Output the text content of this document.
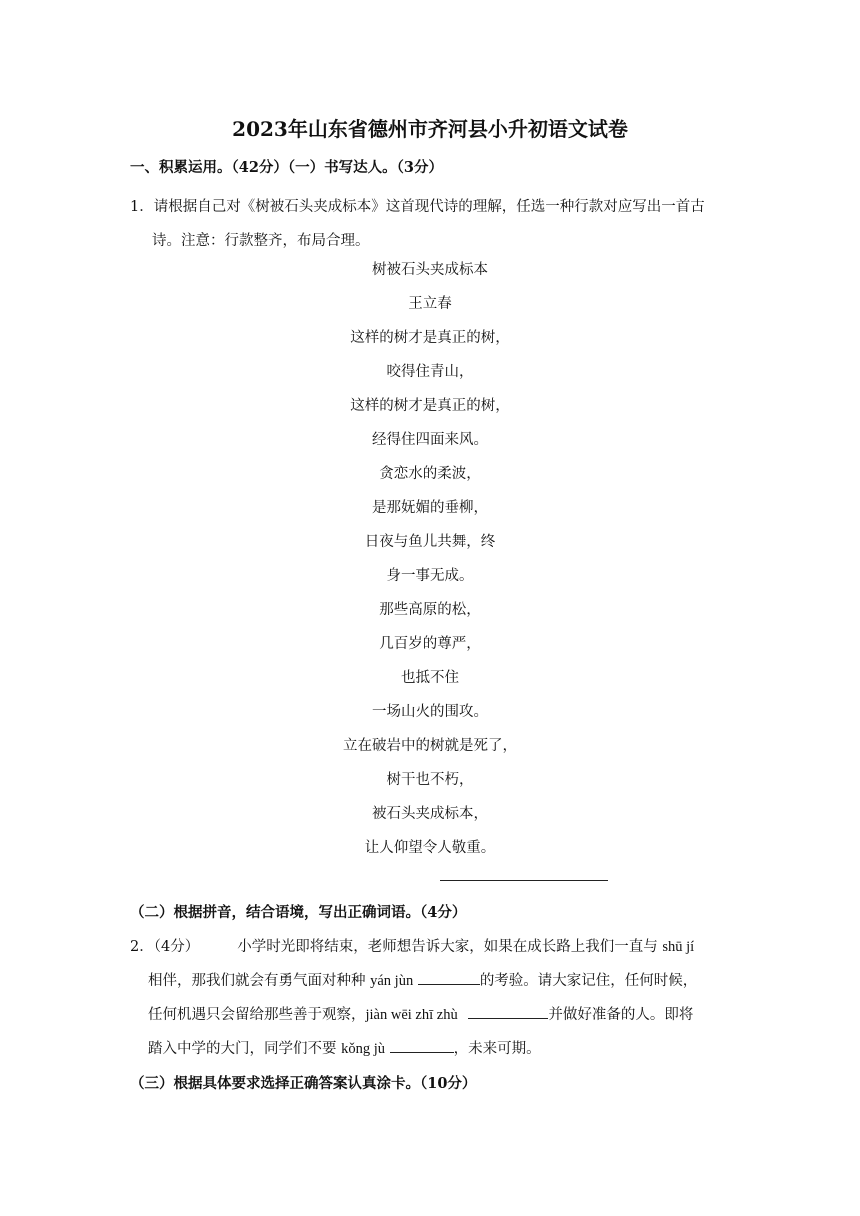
2023年山东省德州市齐河县小升初语文试卷
一、积累运用。（42分）（一）书写达人。（3分）
1．请根据自己对《树被石头夹成标本》这首现代诗的理解，任选一种行款对应写出一首古
诗。注意：行款整齐，布局合理。
树被石头夹成标本
王立春
这样的树才是真正的树，
咬得住青山，
这样的树才是真正的树，
经得住四面来风。
贪恋水的柔波，
是那妩媚的垂柳，
日夜与鱼儿共舞，终
身一事无成。
那些高原的松，
几百岁的尊严，
也抵不住
一场山火的围攻。
立在破岩中的树就是死了，
树干也不朽，
被石头夹成标本，
让人仰望令人敬重。
（二）根据拼音，结合语境，写出正确词语。（4分）
2．（4分）	小学时光即将结束，老师想告诉大家，如果在成长路上我们一直与 shū jí
相伴，那我们就会有勇气面对种种 yán jùn	的考验。请大家记住，任何时候，
任何机遇只会留给那些善于观察，jiàn wēi zhī zhù	并做好准备的人。即将
踏入中学的大门，同学们不要 kǒng jù	，未来可期。
（三）根据具体要求选择正确答案认真涂卡。（10分）
